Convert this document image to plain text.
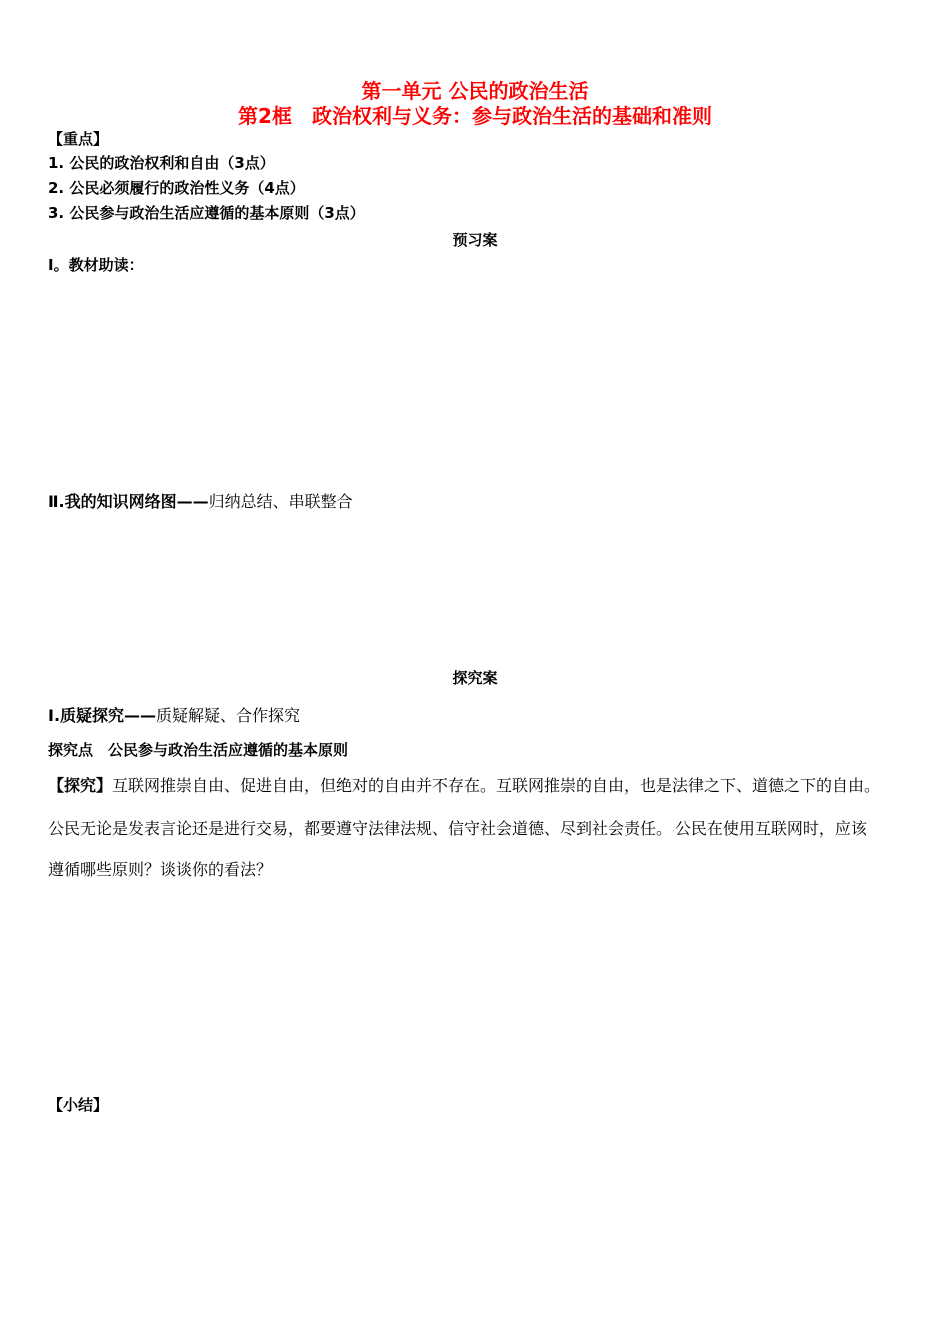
第一单元 公民的政治生活
第2框　政治权利与义务：参与政治生活的基础和准则
【重点】
1. 公民的政治权利和自由（3点）
2. 公民必须履行的政治性义务（4点）
3. 公民参与政治生活应遵循的基本原则（3点）
预习案
Ⅰ。教材助读：
Ⅱ.我的知识网络图——归纳总结、串联整合
探究案
Ⅰ.质疑探究——质疑解疑、合作探究
探究点　公民参与政治生活应遵循的基本原则
【探究】互联网推崇自由、促进自由，但绝对的自由并不存在。互联网推崇的自由，也是法律之下、道德之下的自由。
公民无论是发表言论还是进行交易，都要遵守法律法规、信守社会道德、尽到社会责任。.公民在使用互联网时，应该
遵循哪些原则？谈谈你的看法？
【小结】
